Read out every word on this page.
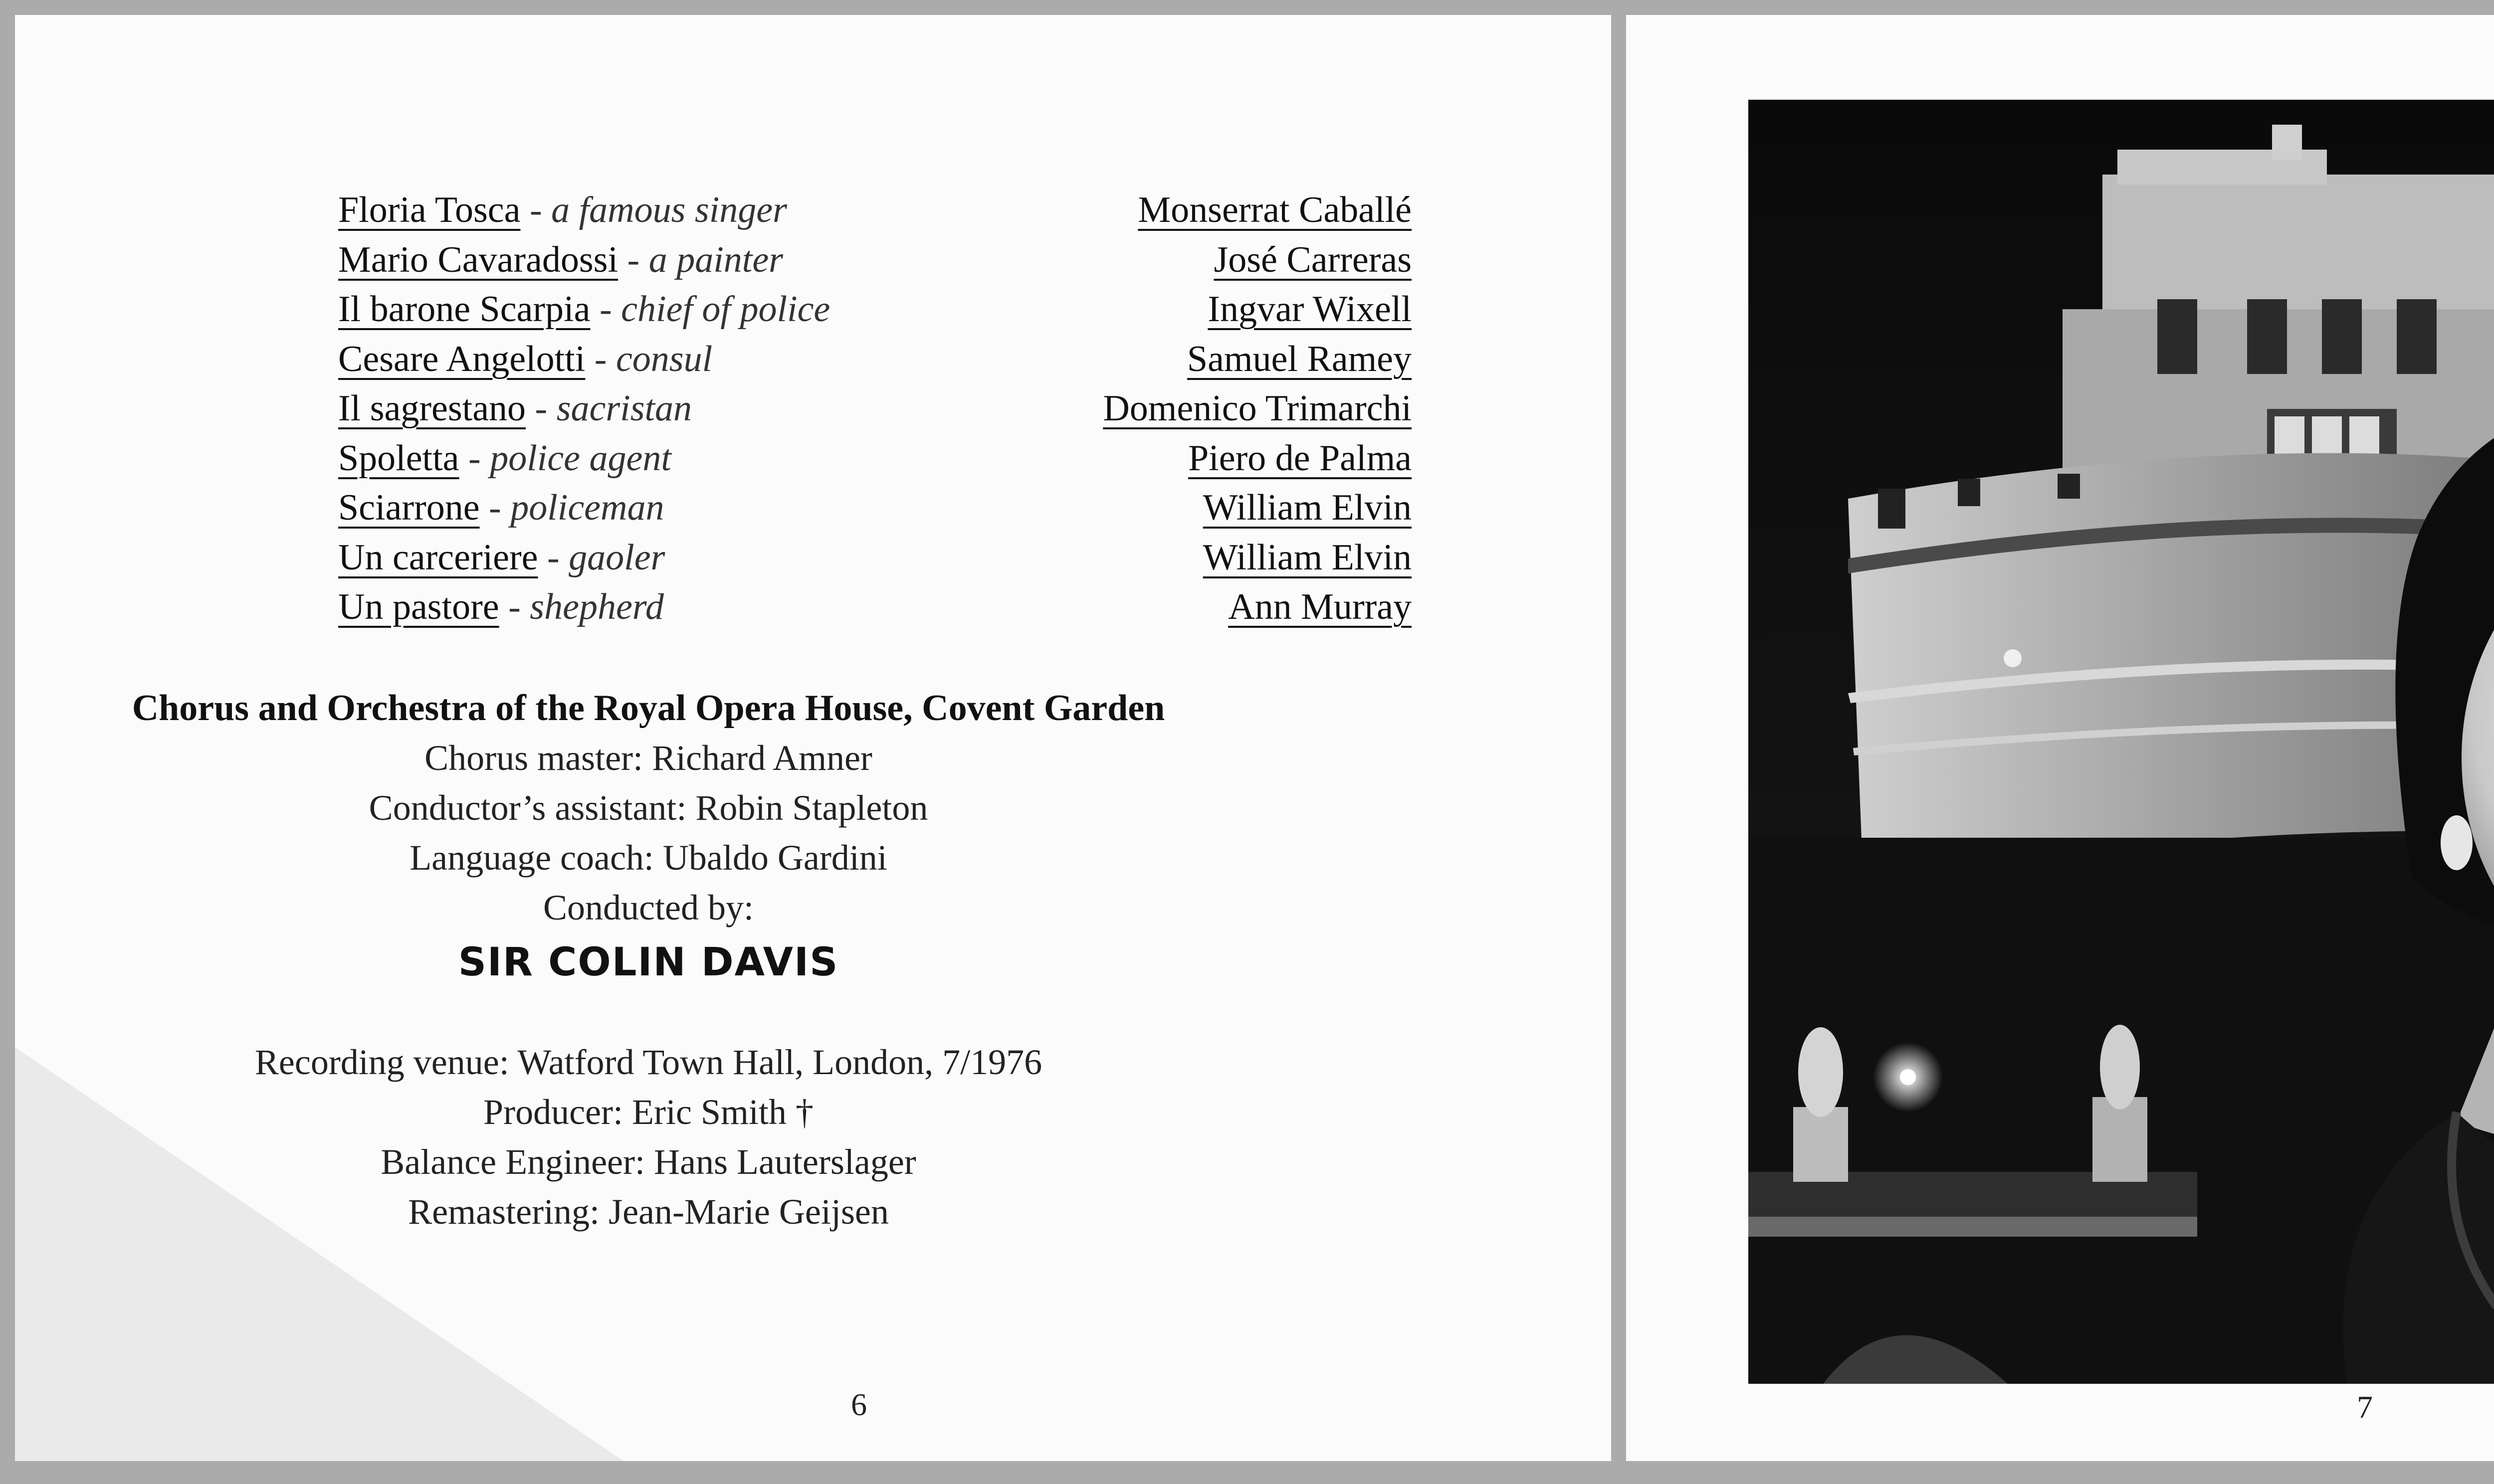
Floria Tosca - a famous singer
Mario Cavaradossi - a painter
Il barone Scarpia - chief of police
Cesare Angelotti - consul
Il sagrestano - sacristan
Spoletta - police agent
Sciarrone - policeman
Un carceriere - gaoler
Un pastore - shepherd
Monserrat Caballé
José Carreras
Ingvar Wixell
Samuel Ramey
Domenico Trimarchi
Piero de Palma
William Elvin
William Elvin
Ann Murray
Chorus and Orchestra of the Royal Opera House, Covent Garden
Chorus master: Richard Amner
Conductor’s assistant: Robin Stapleton
Language coach: Ubaldo Gardini
Conducted by:
SIR COLIN DAVIS
Recording venue: Watford Town Hall, London, 7/1976
Producer: Eric Smith †
Balance Engineer: Hans Lauterslager
Remastering: Jean-Marie Geijsen
6	7
